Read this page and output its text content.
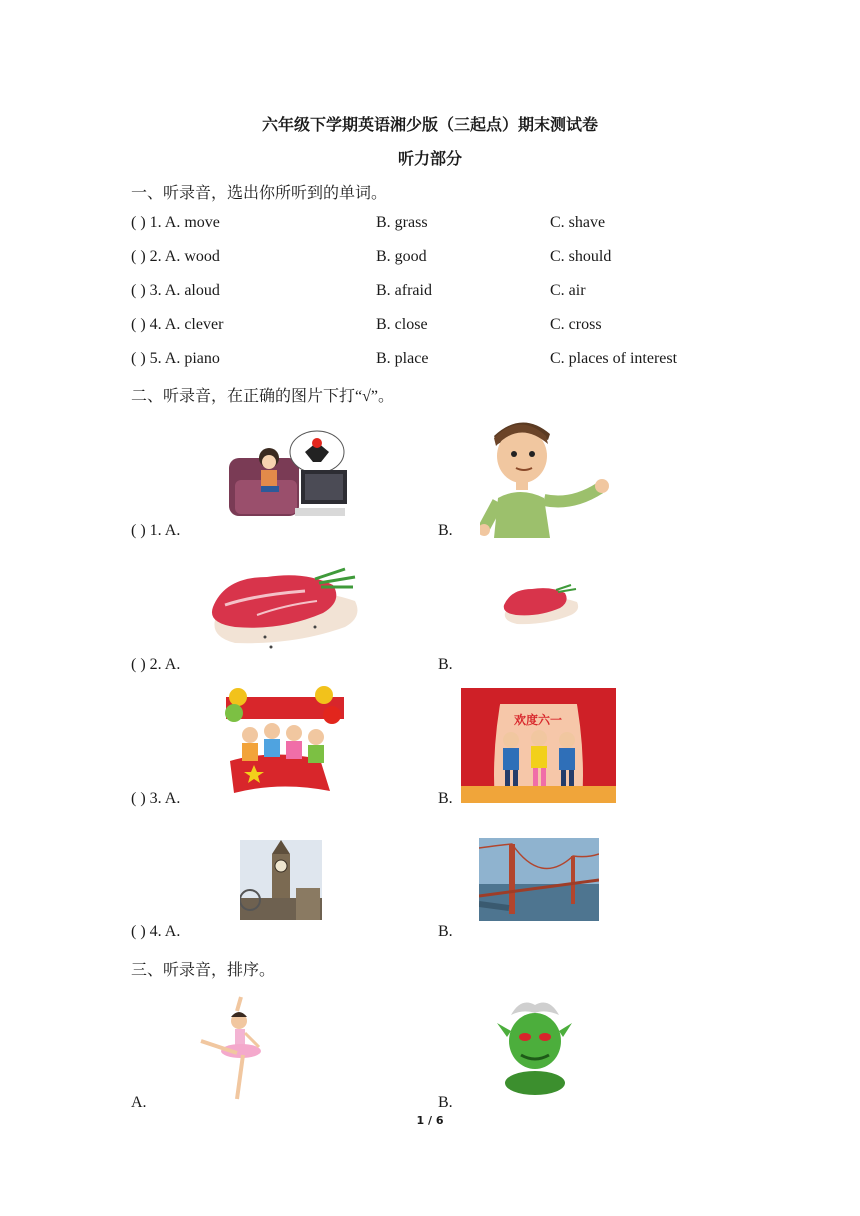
六年级下学期英语湘少版（三起点）期末测试卷
听力部分
一、听录音，选出你所听到的单词。
( ) 1. A. move	B. grass	C. shave
( ) 2. A. wood	B. good	C. should
( ) 3. A. aloud	B. afraid	C. air
( ) 4. A. clever	B. close	C. cross
( ) 5. A. piano	B. place	C. places of interest
二、听录音，在正确的图片下打“√”。
( ) 1. A.	B.
( ) 2. A.	B.
欢度六一
( ) 3. A.	B.
( ) 4. A.	B.
三、听录音，排序。
A.	B.
1 / 6
